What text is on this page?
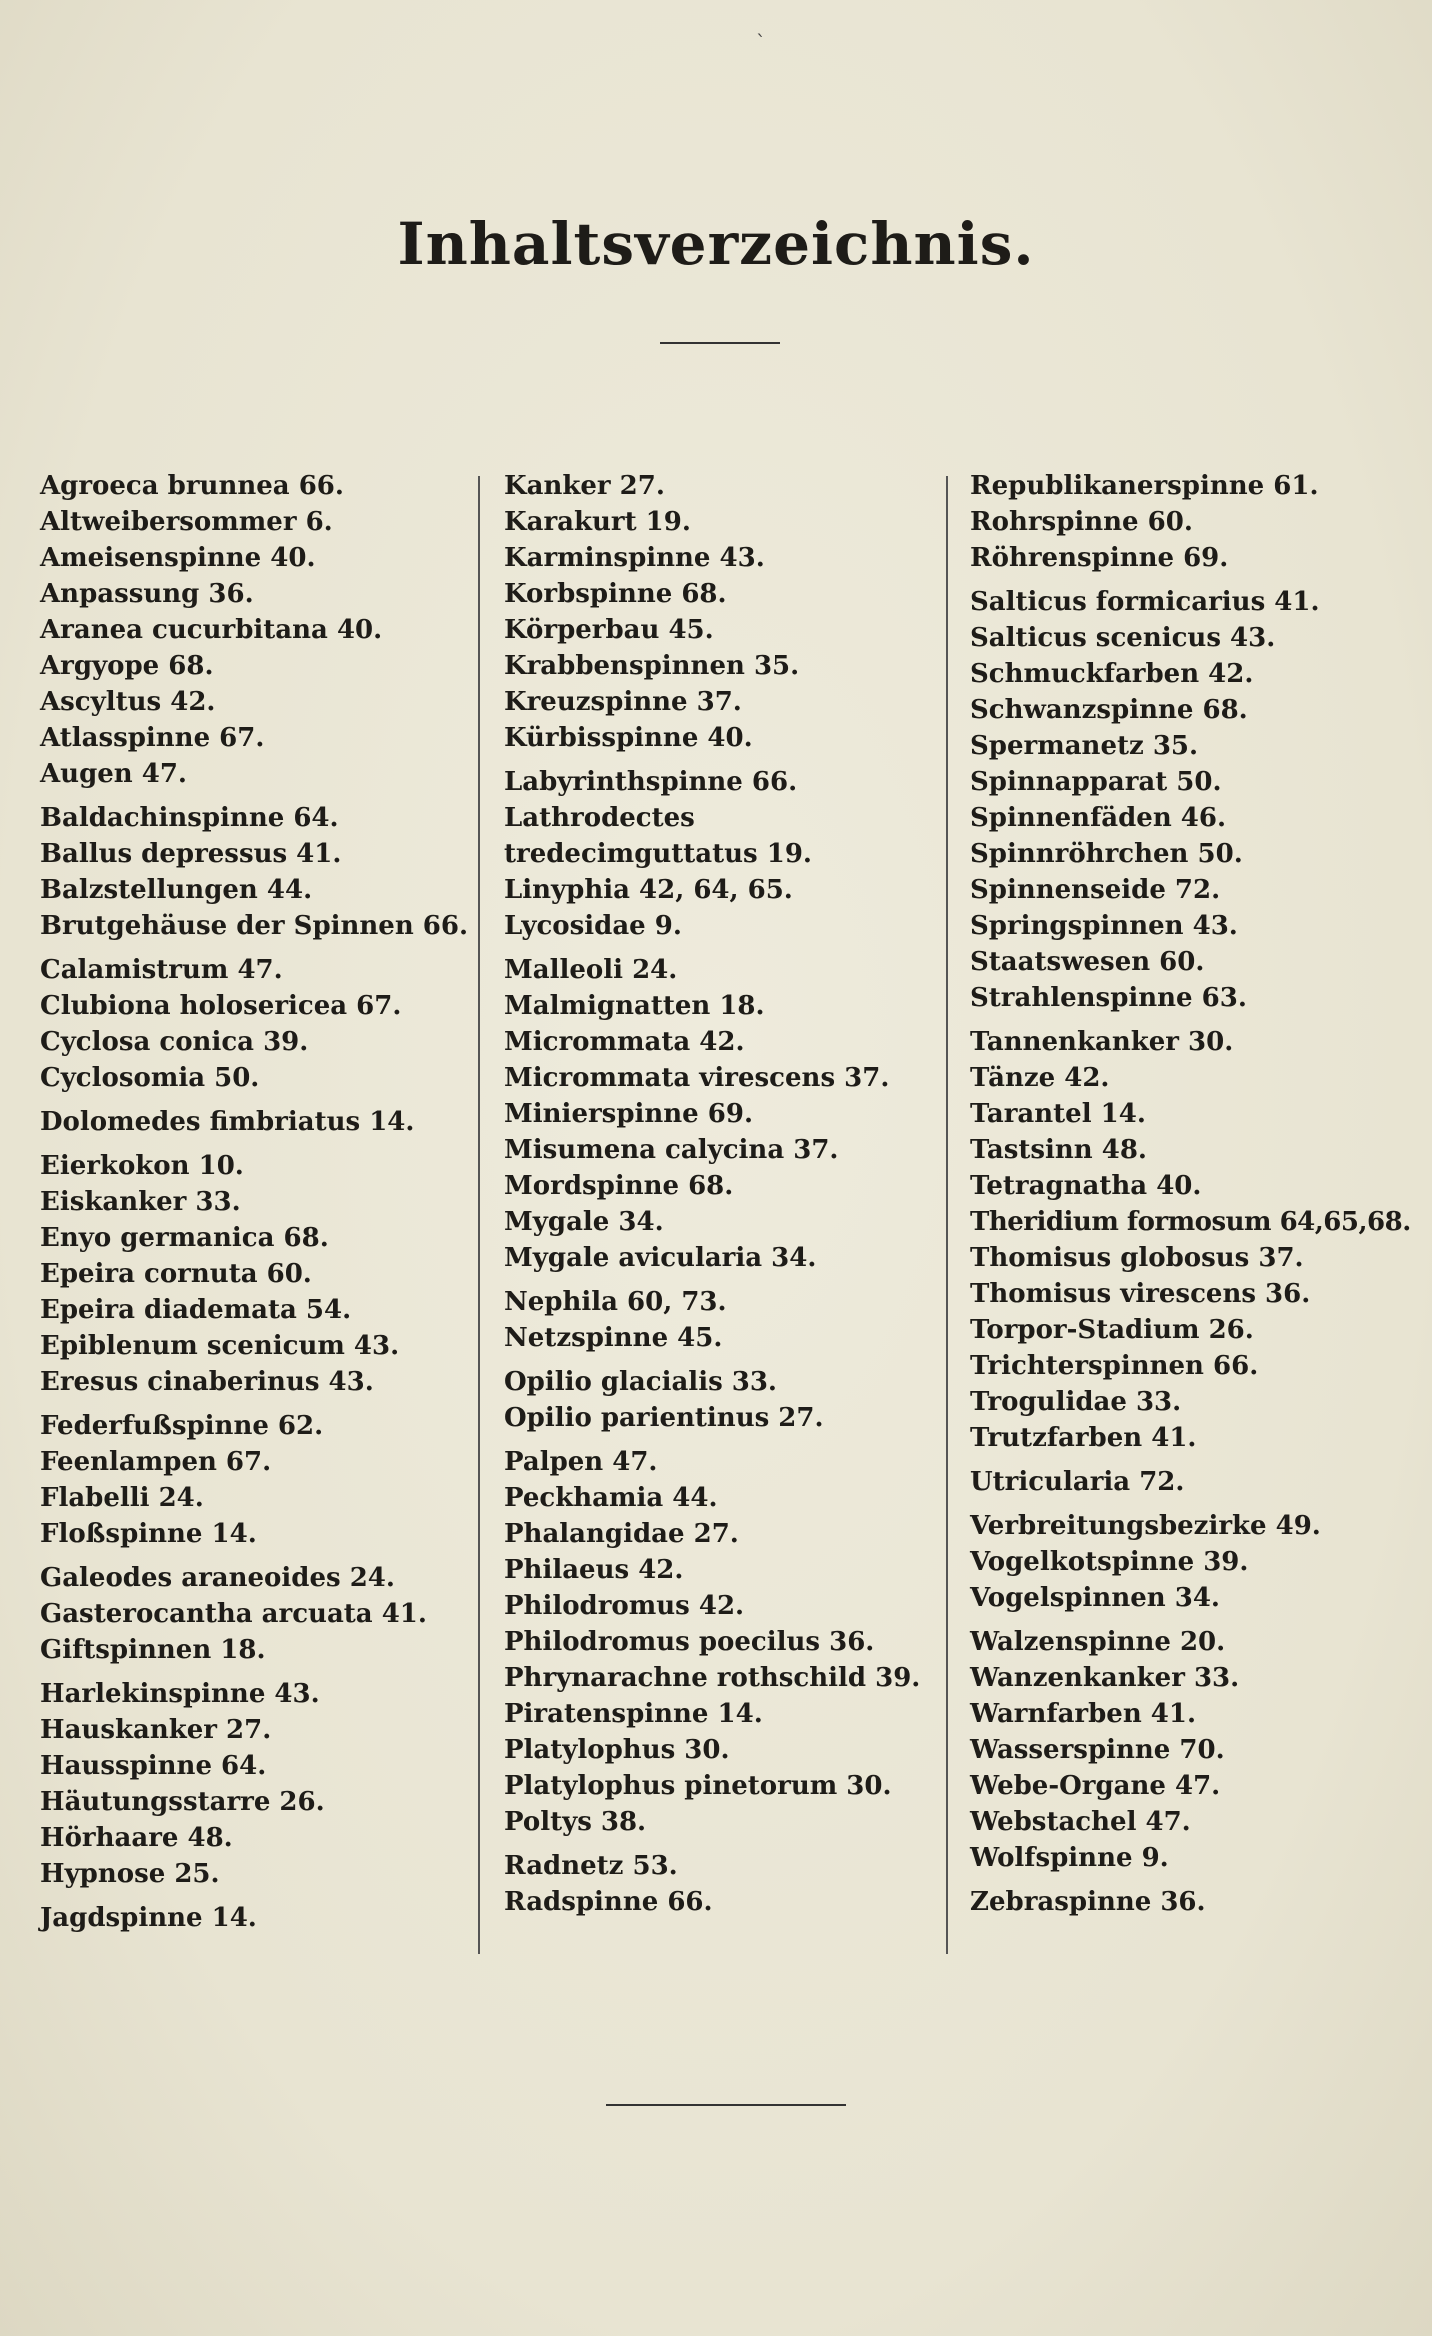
`
Inhaltsverzeichnis.
Agroeca brunnea 66.
Altweibersommer 6.
Ameisenspinne 40.
Anpassung 36.
Aranea cucurbitana 40.
Argyope 68.
Ascyltus 42.
Atlasspinne 67.
Augen 47.
Baldachinspinne 64.
Ballus depressus 41.
Balzstellungen 44.
Brutgehäuse der Spinnen 66.
Calamistrum 47.
Clubiona holosericea 67.
Cyclosa conica 39.
Cyclosomia 50.
Dolomedes fimbriatus 14.
Eierkokon 10.
Eiskanker 33.
Enyo germanica 68.
Epeira cornuta 60.
Epeira diademata 54.
Epiblenum scenicum 43.
Eresus cinaberinus 43.
Federfußspinne 62.
Feenlampen 67.
Flabelli 24.
Floßspinne 14.
Galeodes araneoides 24.
Gasterocantha arcuata 41.
Giftspinnen 18.
Harlekinspinne 43.
Hauskanker 27.
Hausspinne 64.
Häutungsstarre 26.
Hörhaare 48.
Hypnose 25.
Jagdspinne 14.
Kanker 27.
Karakurt 19.
Karminspinne 43.
Korbspinne 68.
Körperbau 45.
Krabbenspinnen 35.
Kreuzspinne 37.
Kürbisspinne 40.
Labyrinthspinne 66.
Lathrodectes tredecimguttatus 19.
Linyphia 42, 64, 65.
Lycosidae 9.
Malleoli 24.
Malmignatten 18.
Micrommata 42.
Micrommata virescens 37.
Minierspinne 69.
Misumena calycina 37.
Mordspinne 68.
Mygale 34.
Mygale avicularia 34.
Nephila 60, 73.
Netzspinne 45.
Opilio glacialis 33.
Opilio parientinus 27.
Palpen 47.
Peckhamia 44.
Phalangidae 27.
Philaeus 42.
Philodromus 42.
Philodromus poecilus 36.
Phrynarachne rothschild 39.
Piratenspinne 14.
Platylophus 30.
Platylophus pinetorum 30.
Poltys 38.
Radnetz 53.
Radspinne 66.
Republikanerspinne 61.
Rohrspinne 60.
Röhrenspinne 69.
Salticus formicarius 41.
Salticus scenicus 43.
Schmuckfarben 42.
Schwanzspinne 68.
Spermanetz 35.
Spinnapparat 50.
Spinnenfäden 46.
Spinnröhrchen 50.
Spinnenseide 72.
Springspinnen 43.
Staatswesen 60.
Strahlenspinne 63.
Tannenkanker 30.
Tänze 42.
Tarantel 14.
Tastsinn 48.
Tetragnatha 40.
Theridium formosum 64,65,68.
Thomisus globosus 37.
Thomisus virescens 36.
Torpor-Stadium 26.
Trichterspinnen 66.
Trogulidae 33.
Trutzfarben 41.
Utricularia 72.
Verbreitungsbezirke 49.
Vogelkotspinne 39.
Vogelspinnen 34.
Walzenspinne 20.
Wanzenkanker 33.
Warnfarben 41.
Wasserspinne 70.
Webe-Organe 47.
Webstachel 47.
Wolfspinne 9.
Zebraspinne 36.
